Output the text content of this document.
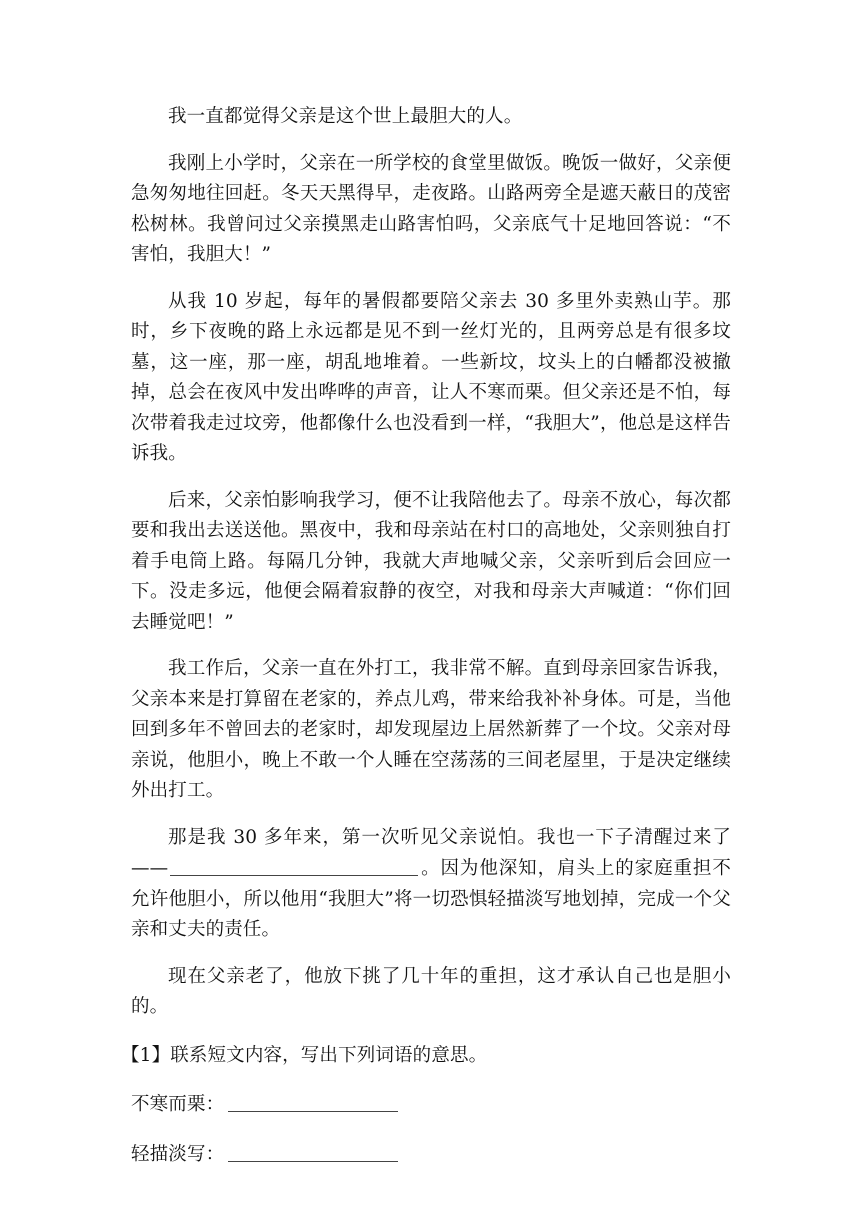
我一直都觉得父亲是这个世上最胆大的人。

我刚上小学时，父亲在一所学校的食堂里做饭。晚饭一做好，父亲便急匆匆地往回赶。冬天天黑得早，走夜路。山路两旁全是遮天蔽日的茂密松树林。我曾问过父亲摸黑走山路害怕吗，父亲底气十足地回答说：“不害怕，我胆大！”

从我 10 岁起，每年的暑假都要陪父亲去 30 多里外卖熟山芋。那时，乡下夜晚的路上永远都是见不到一丝灯光的，且两旁总是有很多坟墓，这一座，那一座，胡乱地堆着。一些新坟，坟头上的白幡都没被撤掉，总会在夜风中发出哗哗的声音，让人不寒而栗。但父亲还是不怕，每次带着我走过坟旁，他都像什么也没看到一样，“我胆大”，他总是这样告诉我。

后来，父亲怕影响我学习，便不让我陪他去了。母亲不放心，每次都要和我出去送送他。黑夜中，我和母亲站在村口的高地处，父亲则独自打着手电筒上路。每隔几分钟，我就大声地喊父亲，父亲听到后会回应一下。没走多远，他便会隔着寂静的夜空，对我和母亲大声喊道：“你们回去睡觉吧！”

我工作后，父亲一直在外打工，我非常不解。直到母亲回家告诉我，父亲本来是打算留在老家的，养点儿鸡，带来给我补补身体。可是，当他回到多年不曾回去的老家时，却发现屋边上居然新葬了一个坟。父亲对母亲说，他胆小，晚上不敢一个人睡在空荡荡的三间老屋里，于是决定继续外出打工。

那是我 30 多年来，第一次听见父亲说怕。我也一下子清醒过来了——	。因为他深知，肩头上的家庭重担不允许他胆小，所以他用“我胆大”将一切恐惧轻描淡写地划掉，完成一个父亲和丈夫的责任。

现在父亲老了，他放下挑了几十年的重担，这才承认自己也是胆小的。

【1】联系短文内容，写出下列词语的意思。

不寒而栗：

轻描淡写：
